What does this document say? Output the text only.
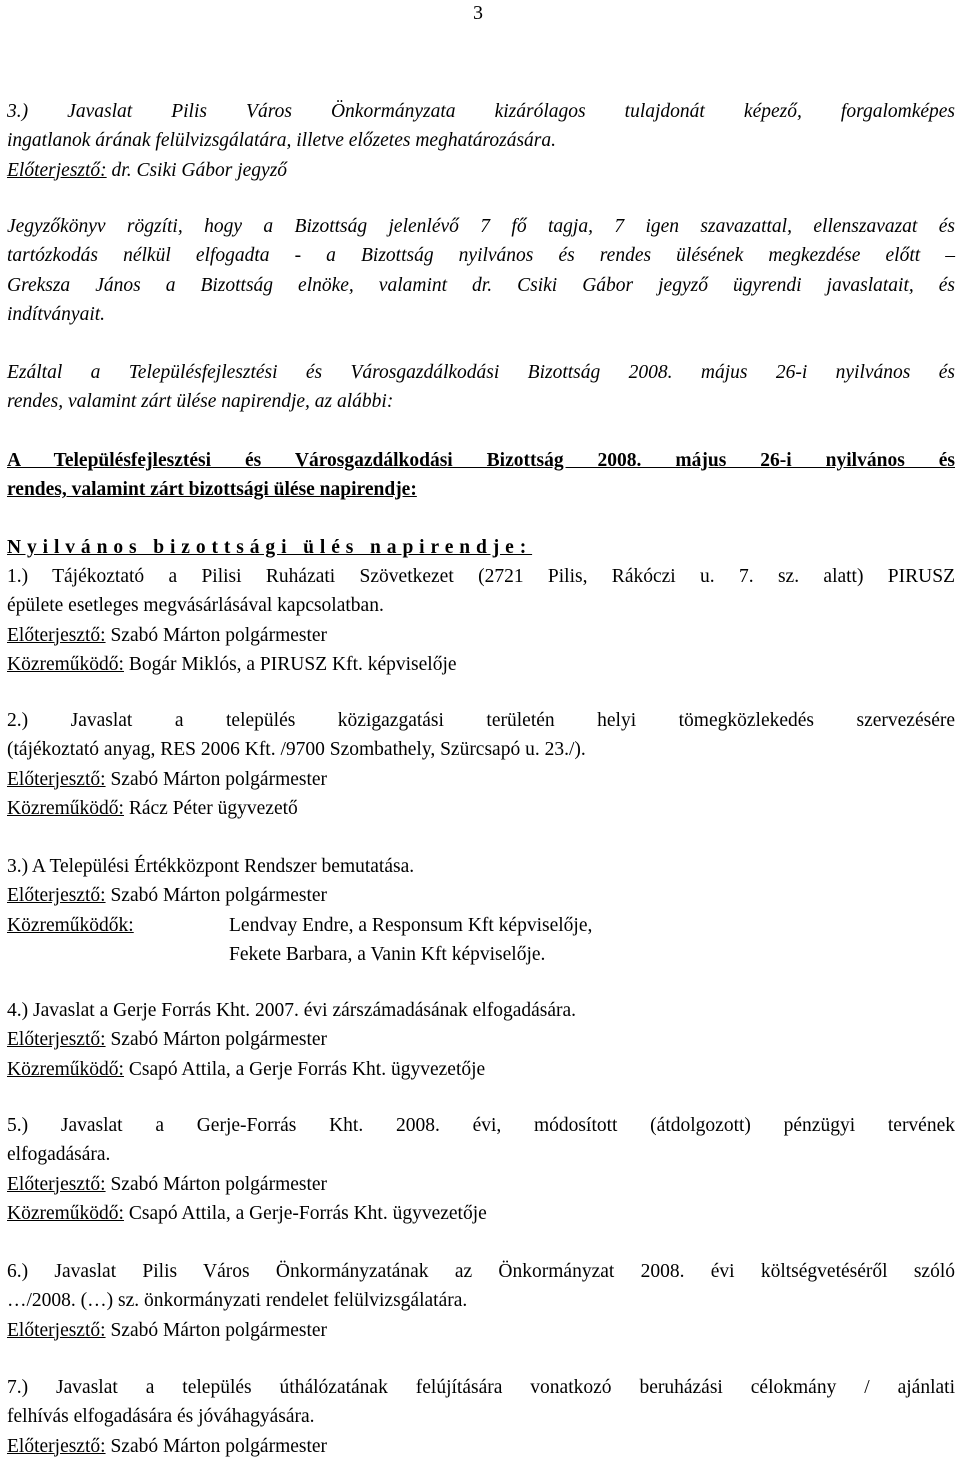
3
3.) Javaslat Pilis Város Önkormányzata kizárólagos tulajdonát képező, forgalomképes
ingatlanok árának felülvizsgálatára, illetve előzetes meghatározására.
Előterjesztő: dr. Csiki Gábor jegyző
Jegyzőkönyv rögzíti, hogy a Bizottság jelenlévő 7 fő tagja, 7 igen szavazattal, ellenszavazat és
tartózkodás nélkül elfogadta - a Bizottság nyilvános és rendes ülésének megkezdése előtt –
Greksza János a Bizottság elnöke, valamint dr. Csiki Gábor jegyző ügyrendi javaslatait, és
indítványait.
Ezáltal a Településfejlesztési és Városgazdálkodási Bizottság 2008. május 26-i nyilvános és
rendes, valamint zárt ülése napirendje, az alábbi:
A Településfejlesztési és Városgazdálkodási Bizottság 2008. május 26-i nyilvános és
rendes, valamint zárt bizottsági ülése napirendje:
Nyilvános bizottsági ülés napirendje:
1.) Tájékoztató a Pilisi Ruházati Szövetkezet (2721 Pilis, Rákóczi u. 7. sz. alatt) PIRUSZ
épülete esetleges megvásárlásával kapcsolatban.
Előterjesztő: Szabó Márton polgármester
Közreműködő: Bogár Miklós, a PIRUSZ Kft. képviselője
2.) Javaslat a település közigazgatási területén helyi tömegközlekedés szervezésére
(tájékoztató anyag, RES 2006 Kft. /9700 Szombathely, Szürcsapó u. 23./).
Előterjesztő: Szabó Márton polgármester
Közreműködő: Rácz Péter ügyvezető
3.) A Települési Értékközpont Rendszer bemutatása.
Előterjesztő: Szabó Márton polgármester
Közreműködők:	Lendvay Endre, a Responsum Kft képviselője,
Fekete Barbara, a Vanin Kft képviselője.
4.) Javaslat a Gerje Forrás Kht. 2007. évi zárszámadásának elfogadására.
Előterjesztő: Szabó Márton polgármester
Közreműködő: Csapó Attila, a Gerje Forrás Kht. ügyvezetője
5.) Javaslat a Gerje-Forrás Kht. 2008. évi, módosított (átdolgozott) pénzügyi tervének
elfogadására.
Előterjesztő: Szabó Márton polgármester
Közreműködő: Csapó Attila, a Gerje-Forrás Kht. ügyvezetője
6.) Javaslat Pilis Város Önkormányzatának az Önkormányzat 2008. évi költségvetéséről szóló
…/2008. (…) sz. önkormányzati rendelet felülvizsgálatára.
Előterjesztő: Szabó Márton polgármester
7.) Javaslat a település úthálózatának felújítására vonatkozó beruházási célokmány / ajánlati
felhívás elfogadására és jóváhagyására.
Előterjesztő: Szabó Márton polgármester
